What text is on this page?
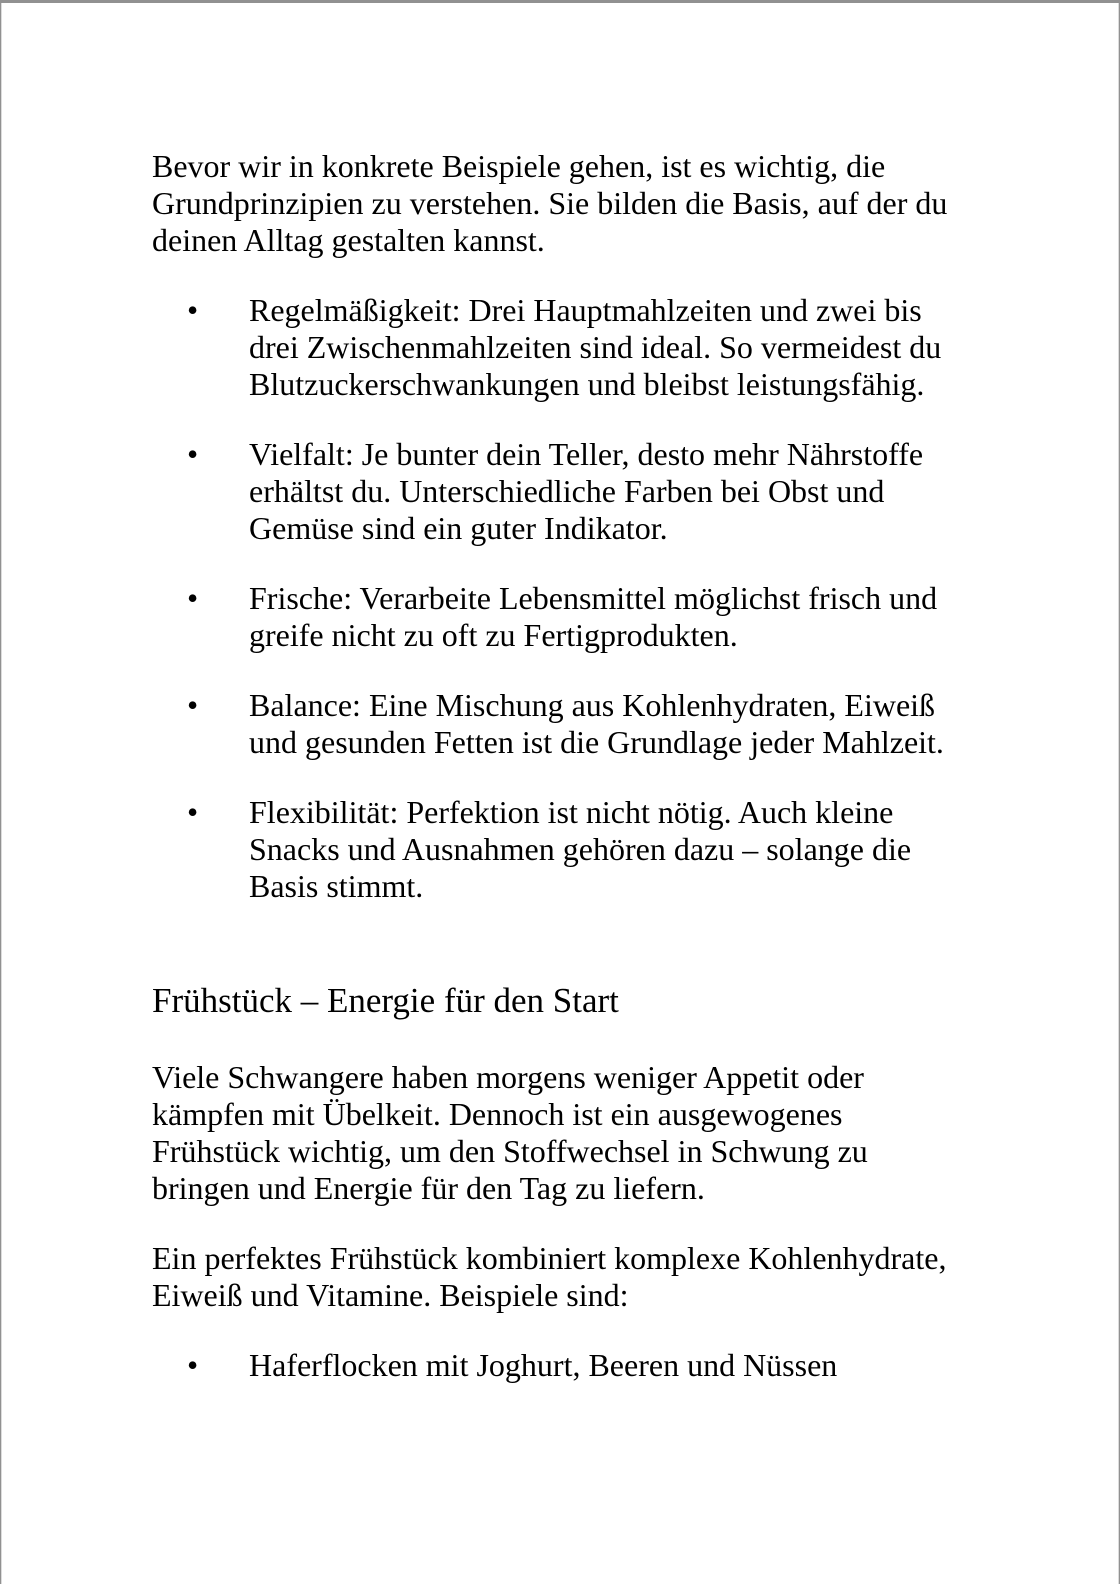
Bevor wir in konkrete Beispiele gehen, ist es wichtig, die Grundprinzipien zu verstehen. Sie bilden die Basis, auf der du deinen Alltag gestalten kannst.

•	Regelmäßigkeit: Drei Hauptmahlzeiten und zwei bis drei Zwischenmahlzeiten sind ideal. So vermeidest du Blutzuckerschwankungen und bleibst leistungsfähig.
•	Vielfalt: Je bunter dein Teller, desto mehr Nährstoffe erhältst du. Unterschiedliche Farben bei Obst und Gemüse sind ein guter Indikator.
•	Frische: Verarbeite Lebensmittel möglichst frisch und greife nicht zu oft zu Fertigprodukten.
•	Balance: Eine Mischung aus Kohlenhydraten, Eiweiß und gesunden Fetten ist die Grundlage jeder Mahlzeit.
•	Flexibilität: Perfektion ist nicht nötig. Auch kleine Snacks und Ausnahmen gehören dazu – solange die Basis stimmt.
Frühstück – Energie für den Start

Viele Schwangere haben morgens weniger Appetit oder kämpfen mit Übelkeit. Dennoch ist ein ausgewogenes Frühstück wichtig, um den Stoffwechsel in Schwung zu bringen und Energie für den Tag zu liefern.

Ein perfektes Frühstück kombiniert komplexe Kohlenhydrate, Eiweiß und Vitamine. Beispiele sind:

•	Haferflocken mit Joghurt, Beeren und Nüssen
